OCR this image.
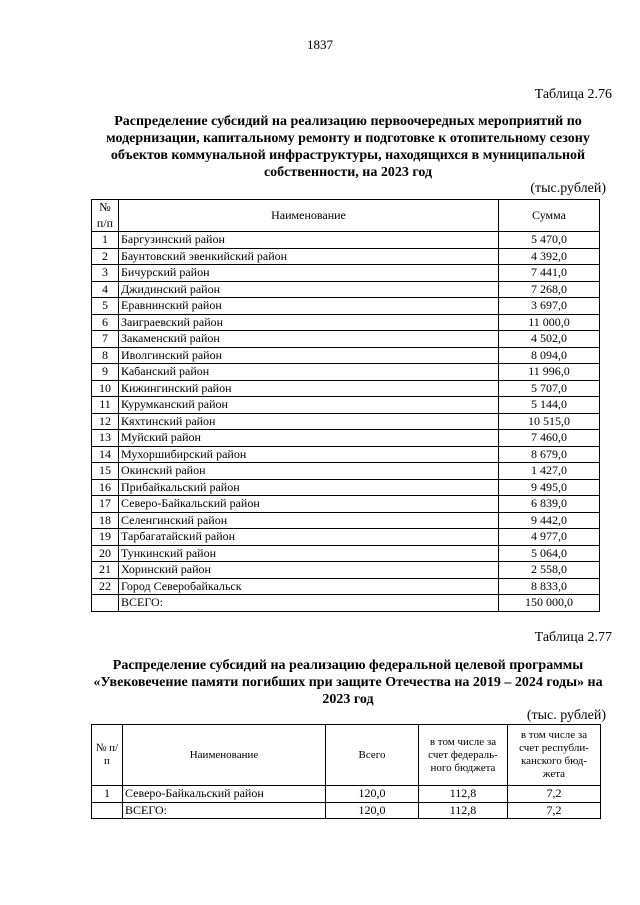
1837
Таблица 2.76
Распределение субсидий на реализацию первоочередных мероприятий по модернизации, капитальному ремонту и подготовке к отопительному сезону объектов коммунальной инфраструктуры, находящихся в муниципальной собственности, на 2023 год
(тыс.рублей)
№ п/п	Наименование	Сумма
1	Баргузинский район	5 470,0
2	Баунтовский эвенкийский район	4 392,0
3	Бичурский район	7 441,0
4	Джидинский район	7 268,0
5	Еравнинский район	3 697,0
6	Заиграевский район	11 000,0
7	Закаменский район	4 502,0
8	Иволгинский район	8 094,0
9	Кабанский район	11 996,0
10	Кижингинский район	5 707,0
11	Курумканский район	5 144,0
12	Кяхтинский район	10 515,0
13	Муйский район	7 460,0
14	Мухоршибирский район	8 679,0
15	Окинский район	1 427,0
16	Прибайкальский район	9 495,0
17	Северо-Байкальский район	6 839,0
18	Селенгинский район	9 442,0
19	Тарбагатайский район	4 977,0
20	Тункинский район	5 064,0
21	Хоринский район	2 558,0
22	Город Северобайкальск	8 833,0
	ВСЕГО:	150 000,0
Таблица 2.77
Распределение субсидий на реализацию федеральной целевой программы «Увековечение памяти погибших при защите Отечества на 2019 – 2024 годы» на 2023 год
(тыс. рублей)
№ п/п	Наименование	Всего	в том числе за счет федераль-ного бюджета	в том числе за счет республи-канского бюд-жета
1	Северо-Байкальский район	120,0	112,8	7,2
	ВСЕГО:	120,0	112,8	7,2
